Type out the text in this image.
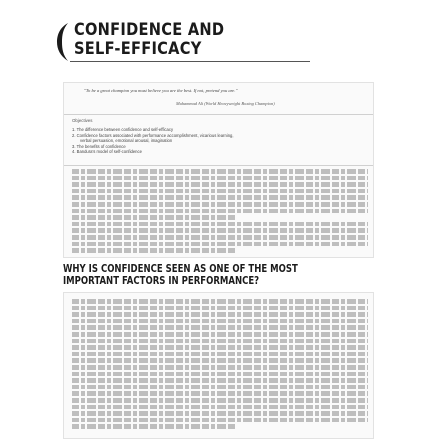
CONFIDENCE AND
SELF-EFFICACY
"To be a great champion you must believe you are the best. If not, pretend you are."
Muhammad Ali (World Heavyweight Boxing Champion)
Objectives
1. The difference between confidence and self-efficacy
2. Confidence factors associated with performance accomplishment, vicarious learning,
verbal persuasion, emotional arousal, imagination
3. The benefits of confidence
4. Bandura's model of self-confidence
WHY IS CONFIDENCE SEEN AS ONE OF THE MOST
IMPORTANT FACTORS IN PERFORMANCE?
